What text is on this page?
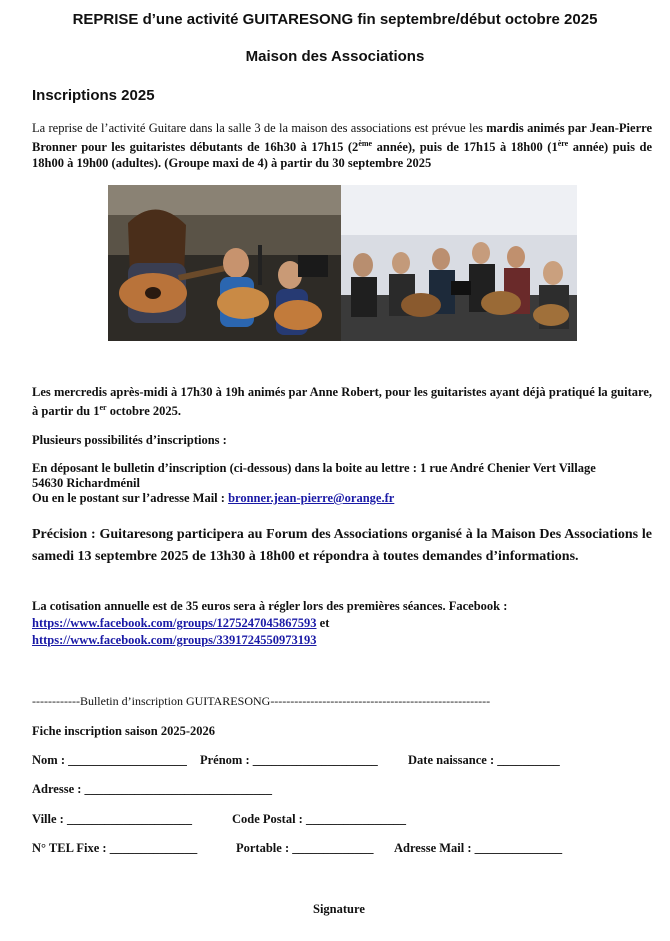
REPRISE d’une activité GUITARESONG fin septembre/début octobre 2025
Maison des Associations
Inscriptions 2025
La reprise de l’activité Guitare dans la salle 3 de la maison des associations est prévue les mardis animés par Jean-Pierre Bronner pour les guitaristes débutants de 16h30 à 17h15 (2ème année), puis de 17h15 à 18h00 (1ère année) puis de 18h00 à 19h00 (adultes). (Groupe maxi de 4) à partir du 30 septembre 2025
Les mercredis après-midi à 17h30 à 19h animés par Anne Robert, pour les guitaristes ayant déjà pratiqué la guitare, à partir du 1er octobre 2025.
Plusieurs possibilités d’inscriptions :
En déposant le bulletin d’inscription (ci-dessous) dans la boite au lettre : 1 rue André Chenier Vert Village
54630 Richardménil
Ou en le postant sur l’adresse Mail : bronner.jean-pierre@orange.fr
Précision : Guitaresong participera au Forum des Associations organisé à la Maison Des Associations le samedi 13 septembre 2025 de 13h30 à 18h00 et répondra à toutes demandes d’informations.
La cotisation annuelle est de 35 euros sera à régler lors des premières séances. Facebook :
https://www.facebook.com/groups/1275247045867593 et
https://www.facebook.com/groups/3391724550973193
------------Bulletin d’inscription GUITARESONG-------------------------------------------------------
Fiche inscription saison 2025-2026
Nom : ___________________ Prénom : ____________________ Date naissance : __________
Adresse : ______________________________
Ville : ____________________	Code Postal : ________________
N° TEL Fixe : ______________	Portable : _____________ Adresse Mail : ______________
Signature
